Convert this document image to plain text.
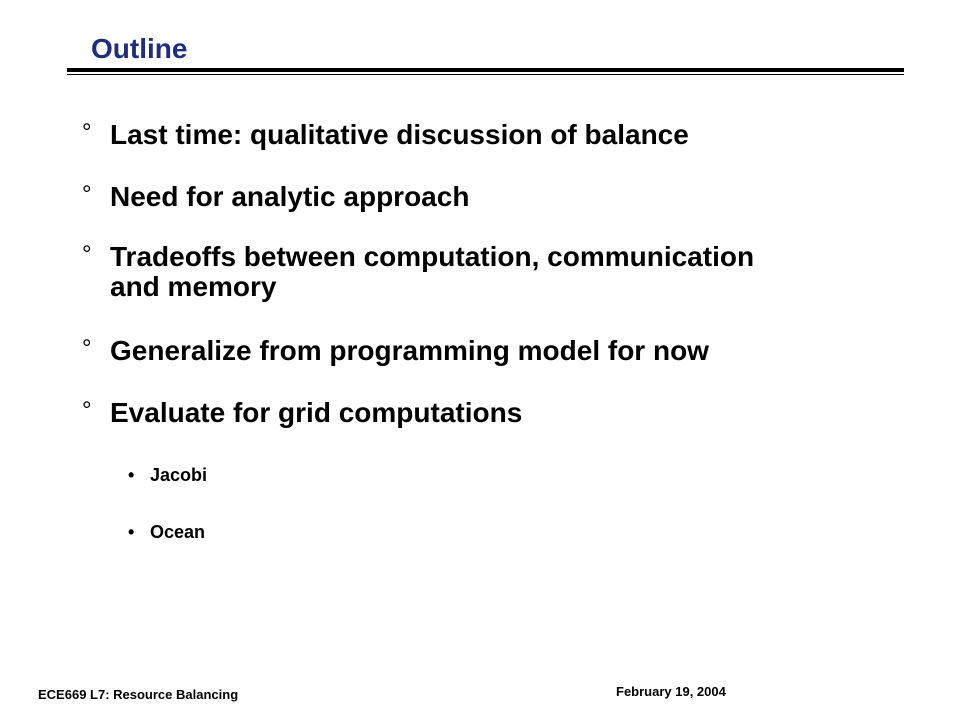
Outline
° Last time: qualitative discussion of balance
° Need for analytic approach
° Tradeoffs between computation, communication
and memory
° Generalize from programming model for now
° Evaluate for grid computations
• Jacobi
• Ocean
ECE669 L7: Resource Balancing	February 19, 2004
